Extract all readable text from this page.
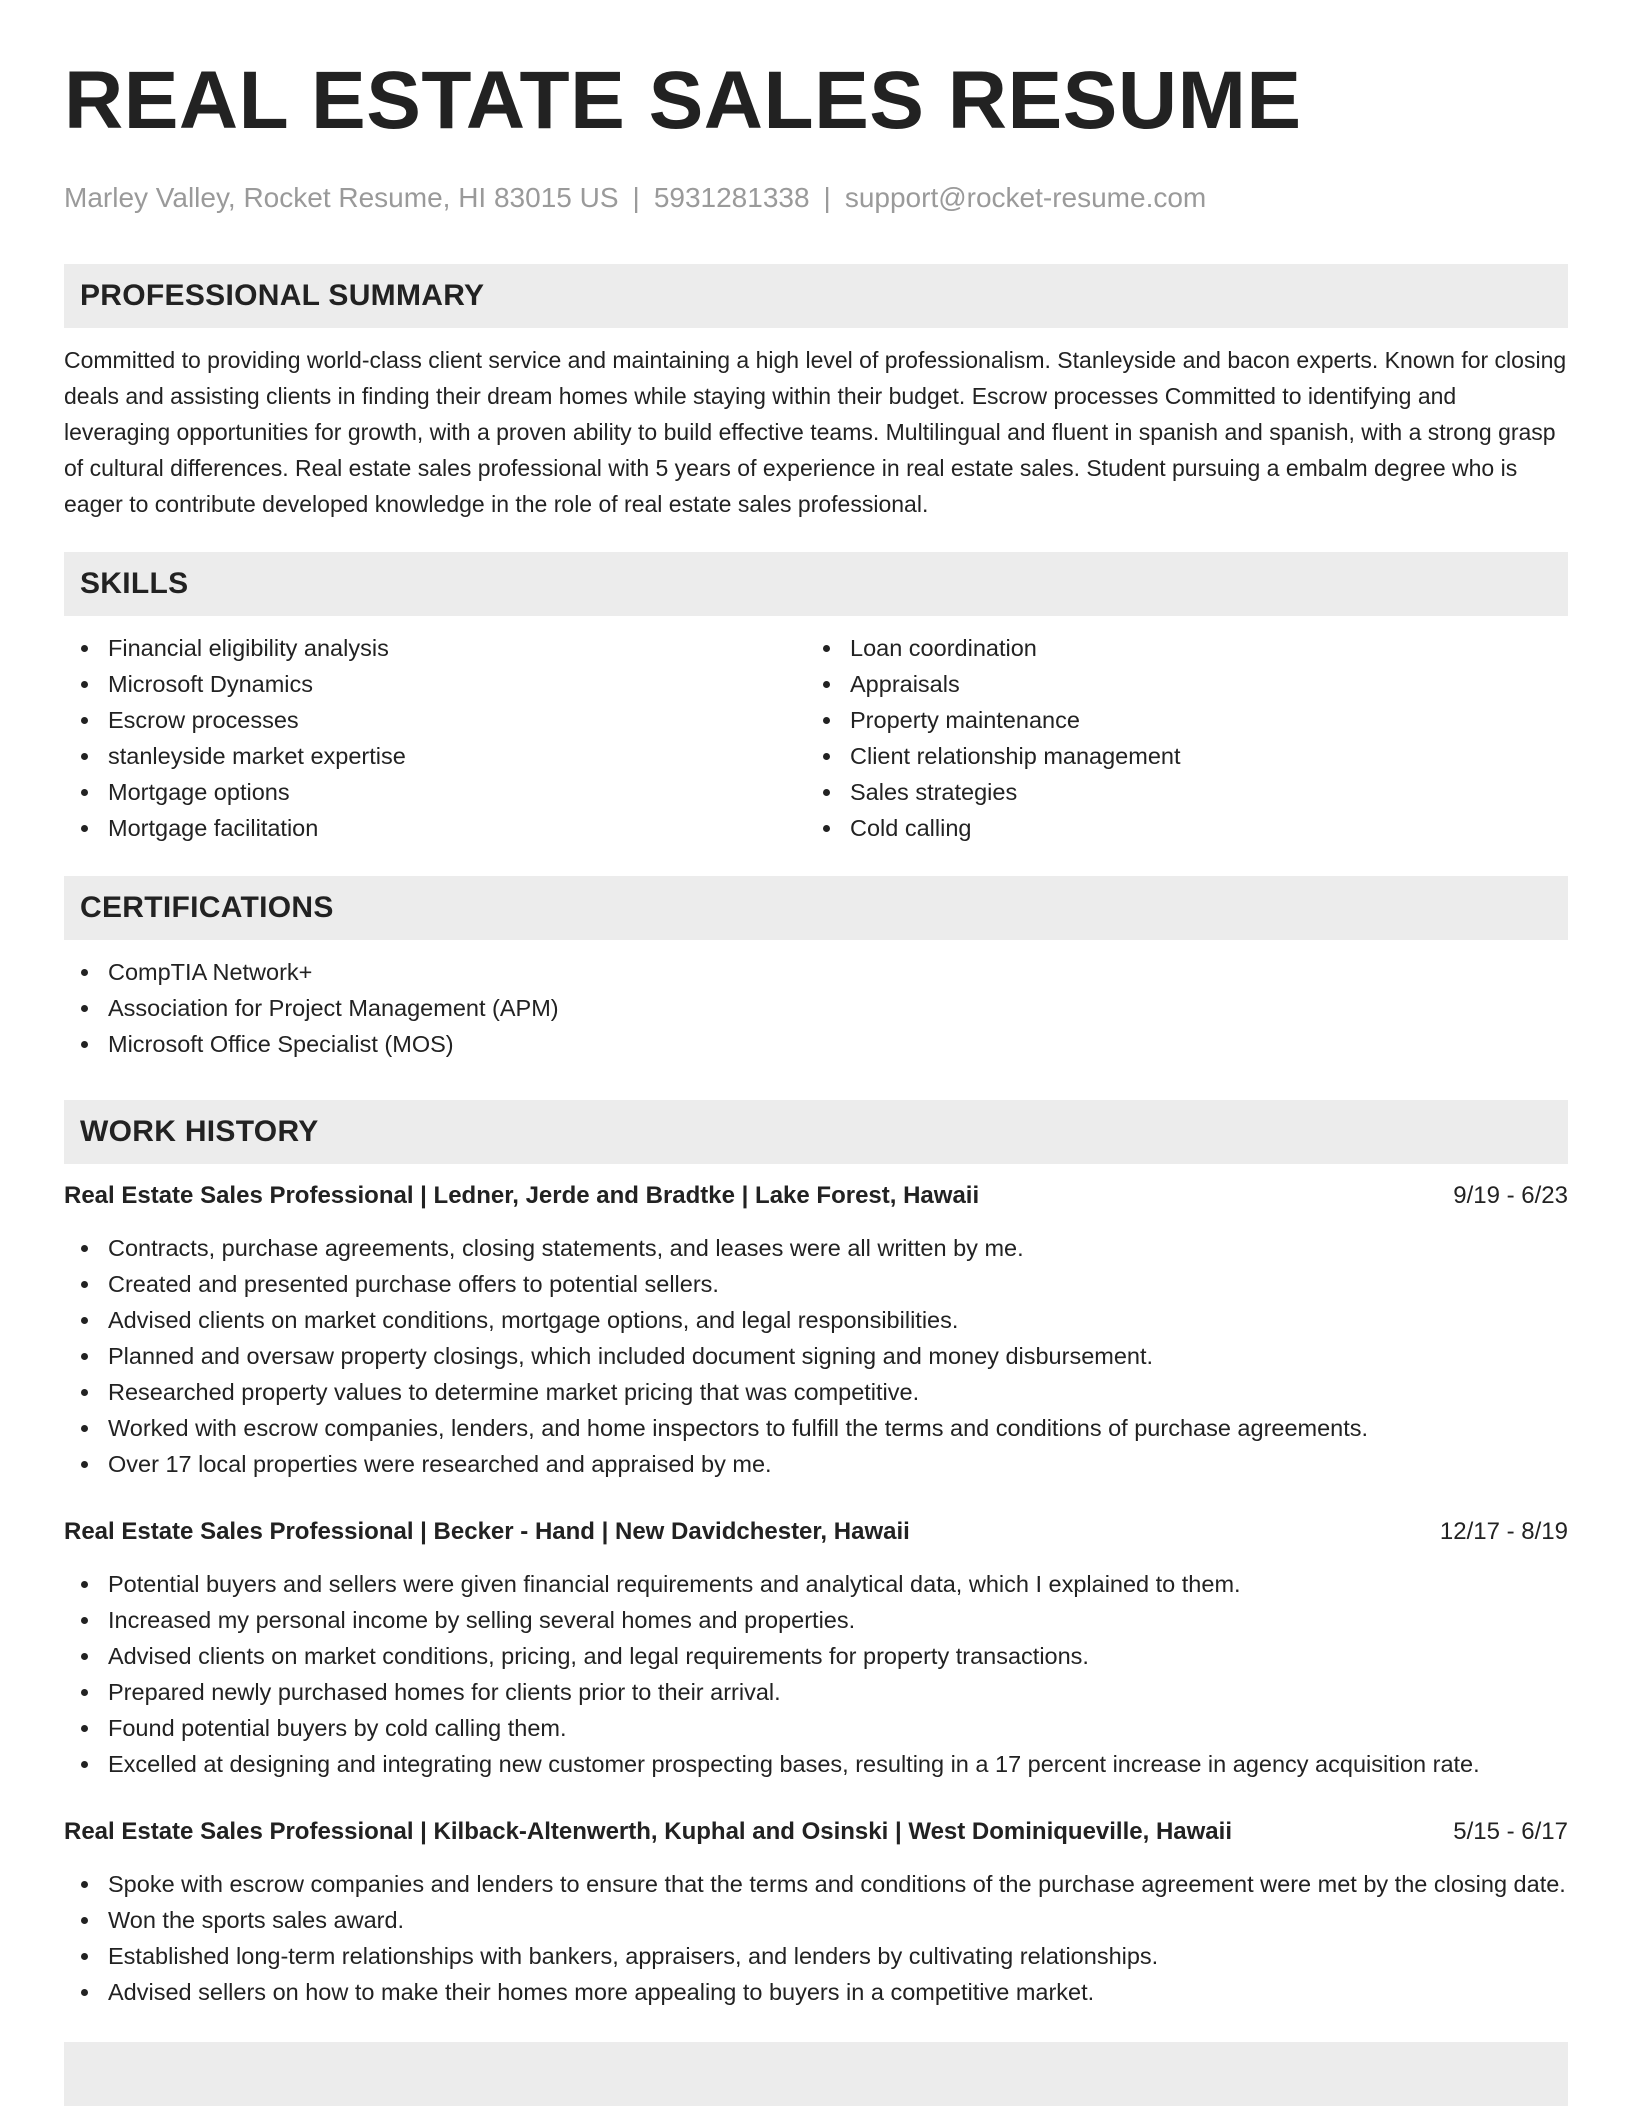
REAL ESTATE SALES RESUME
Marley Valley, Rocket Resume, HI 83015 US | 5931281338 | support@rocket-resume.com
PROFESSIONAL SUMMARY

Committed to providing world-class client service and maintaining a high level of professionalism. Stanleyside and bacon experts. Known for closing deals and assisting clients in finding their dream homes while staying within their budget. Escrow processes Committed to identifying and leveraging opportunities for growth, with a proven ability to build effective teams. Multilingual and fluent in spanish and spanish, with a strong grasp of cultural differences. Real estate sales professional with 5 years of experience in real estate sales. Student pursuing a embalm degree who is eager to contribute developed knowledge in the role of real estate sales professional.

SKILLS
Financial eligibility analysis
Microsoft Dynamics
Escrow processes
stanleyside market expertise
Mortgage options
Mortgage facilitation
Loan coordination
Appraisals
Property maintenance
Client relationship management
Sales strategies
Cold calling
CERTIFICATIONS
CompTIA Network+
Association for Project Management (APM)
Microsoft Office Specialist (MOS)
WORK HISTORY
Real Estate Sales Professional | Ledner, Jerde and Bradtke | Lake Forest, Hawaii	9/19 - 6/23
Contracts, purchase agreements, closing statements, and leases were all written by me.
Created and presented purchase offers to potential sellers.
Advised clients on market conditions, mortgage options, and legal responsibilities.
Planned and oversaw property closings, which included document signing and money disbursement.
Researched property values to determine market pricing that was competitive.
Worked with escrow companies, lenders, and home inspectors to fulfill the terms and conditions of purchase agreements.
Over 17 local properties were researched and appraised by me.
Real Estate Sales Professional | Becker - Hand | New Davidchester, Hawaii	12/17 - 8/19
Potential buyers and sellers were given financial requirements and analytical data, which I explained to them.
Increased my personal income by selling several homes and properties.
Advised clients on market conditions, pricing, and legal requirements for property transactions.
Prepared newly purchased homes for clients prior to their arrival.
Found potential buyers by cold calling them.
Excelled at designing and integrating new customer prospecting bases, resulting in a 17 percent increase in agency acquisition rate.
Real Estate Sales Professional | Kilback-Altenwerth, Kuphal and Osinski | West Dominiqueville, Hawaii	5/15 - 6/17
Spoke with escrow companies and lenders to ensure that the terms and conditions of the purchase agreement were met by the closing date.
Won the sports sales award.
Established long-term relationships with bankers, appraisers, and lenders by cultivating relationships.
Advised sellers on how to make their homes more appealing to buyers in a competitive market.
